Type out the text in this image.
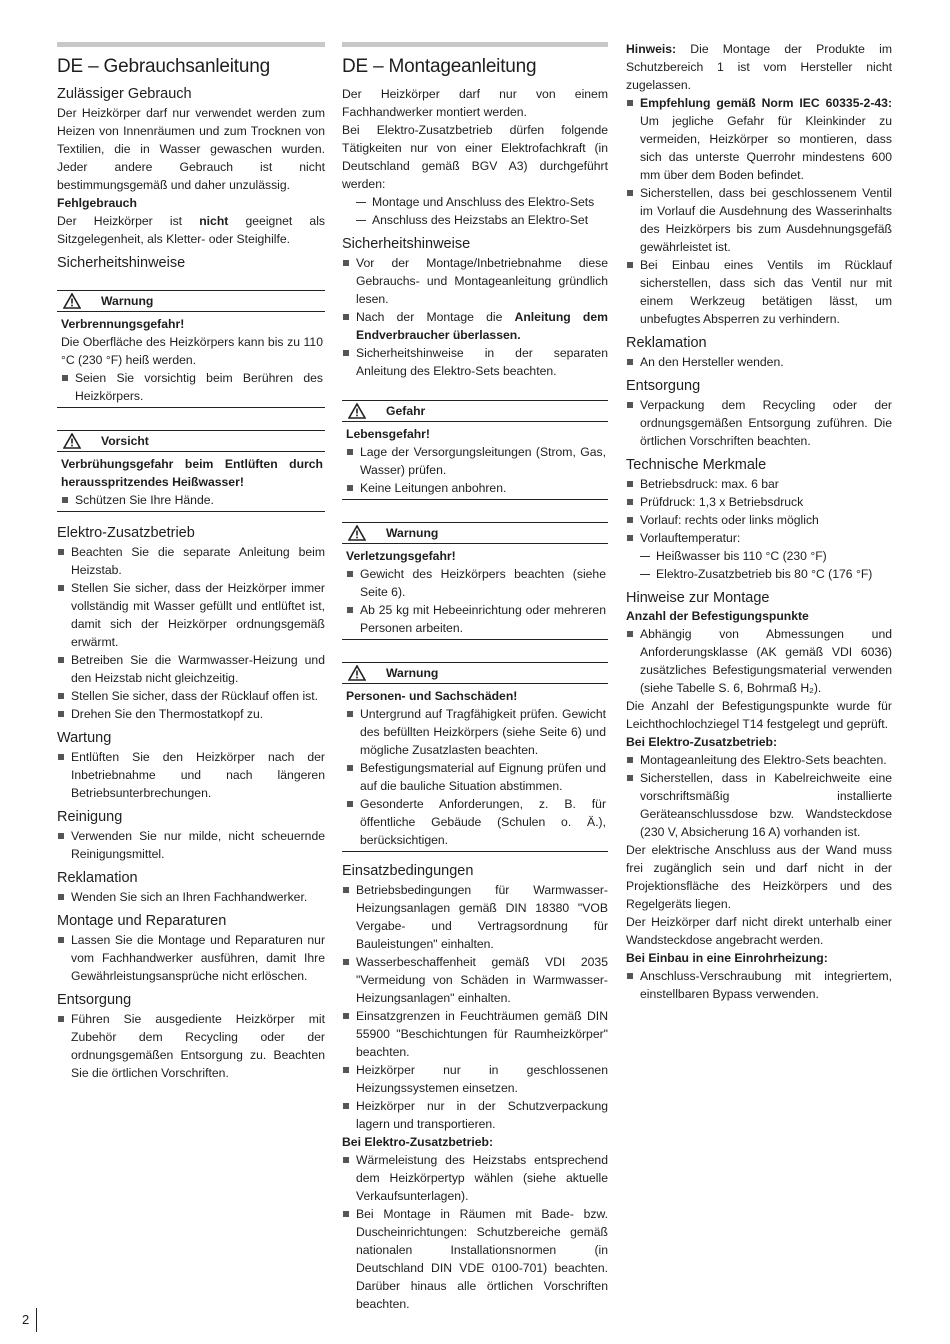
DE – Gebrauchsanleitung
Zulässiger Gebrauch

Der Heizkörper darf nur verwendet werden zum Heizen von Innenräumen und zum Trocknen von Textilien, die in Wasser gewaschen wurden. Jeder andere Gebrauch ist nicht bestimmungsgemäß und daher unzulässig.

Fehlgebrauch

Der Heizkörper ist nicht geeignet als Sitzgelegenheit, als Kletter- oder Steighilfe.

Sicherheitshinweise
Warnung
Verbrennungsgefahr!

Die Oberfläche des Heizkörpers kann bis zu 110 °C (230 °F) heiß werden.

Seien Sie vorsichtig beim Berühren des Heizkörpers.
Vorsicht
Verbrühungsgefahr beim Entlüften durch herausspritzendes Heißwasser!
Schützen Sie Ihre Hände.
Elektro-Zusatzbetrieb
Beachten Sie die separate Anleitung beim Heizstab.
Stellen Sie sicher, dass der Heizkörper immer vollständig mit Wasser gefüllt und entlüftet ist, damit sich der Heizkörper ordnungsgemäß erwärmt.
Betreiben Sie die Warmwasser-Heizung und den Heizstab nicht gleichzeitig.
Stellen Sie sicher, dass der Rücklauf offen ist.
Drehen Sie den Thermostatkopf zu.
Wartung
Entlüften Sie den Heizkörper nach der Inbetriebnahme und nach längeren Betriebsunterbrechungen.
Reinigung
Verwenden Sie nur milde, nicht scheuernde Reinigungsmittel.
Reklamation
Wenden Sie sich an Ihren Fachhandwerker.
Montage und Reparaturen
Lassen Sie die Montage und Reparaturen nur vom Fachhandwerker ausführen, damit Ihre Gewährleistungsansprüche nicht erlöschen.
Entsorgung
Führen Sie ausgediente Heizkörper mit Zubehör dem Recycling oder der ordnungsgemäßen Entsorgung zu. Beachten Sie die örtlichen Vorschriften.
DE – Montageanleitung

Der Heizkörper darf nur von einem Fachhandwerker montiert werden.

Bei Elektro-Zusatzbetrieb dürfen folgende Tätigkeiten nur von einer Elektrofachkraft (in Deutschland gemäß BGV A3) durchgeführt werden:

Montage und Anschluss des Elektro-Sets
Anschluss des Heizstabs an Elektro-Set
Sicherheitshinweise
Vor der Montage/Inbetriebnahme diese Gebrauchs- und Montageanleitung gründlich lesen.
Nach der Montage die Anleitung dem Endverbraucher überlassen.
Sicherheitshinweise in der separaten Anleitung des Elektro-Sets beachten.
Gefahr
Lebensgefahr!
Lage der Versorgungsleitungen (Strom, Gas, Wasser) prüfen.
Keine Leitungen anbohren.
Warnung
Verletzungsgefahr!
Gewicht des Heizkörpers beachten (siehe Seite 6).
Ab 25 kg mit Hebeeinrichtung oder mehreren Personen arbeiten.
Warnung
Personen- und Sachschäden!
Untergrund auf Tragfähigkeit prüfen. Gewicht des befüllten Heizkörpers (siehe Seite 6) und mögliche Zusatzlasten beachten.
Befestigungsmaterial auf Eignung prüfen und auf die bauliche Situation abstimmen.
Gesonderte Anforderungen, z. B. für öffentliche Gebäude (Schulen o. Ä.), berücksichtigen.
Einsatzbedingungen
Betriebsbedingungen für Warmwasser-Heizungsanlagen gemäß DIN 18380 "VOB Vergabe- und Vertragsordnung für Bauleistungen" einhalten.
Wasserbeschaffenheit gemäß VDI 2035 "Vermeidung von Schäden in Warmwasser-Heizungsanlagen" einhalten.
Einsatzgrenzen in Feuchträumen gemäß DIN 55900 "Beschichtungen für Raumheizkörper" beachten.
Heizkörper nur in geschlossenen Heizungssystemen einsetzen.
Heizkörper nur in der Schutzverpackung lagern und transportieren.
Bei Elektro-Zusatzbetrieb:
Wärmeleistung des Heizstabs entsprechend dem Heizkörpertyp wählen (siehe aktuelle Verkaufsunterlagen).
Bei Montage in Räumen mit Bade- bzw. Duscheinrichtungen: Schutzbereiche gemäß nationalen Installationsnormen (in Deutschland DIN VDE 0100-701) beachten. Darüber hinaus alle örtlichen Vorschriften beachten.

Hinweis: Die Montage der Produkte im Schutzbereich 1 ist vom Hersteller nicht zugelassen.

Empfehlung gemäß Norm IEC 60335-2-43: Um jegliche Gefahr für Kleinkinder zu vermeiden, Heizkörper so montieren, dass sich das unterste Querrohr mindestens 600 mm über dem Boden befindet.
Sicherstellen, dass bei geschlossenem Ventil im Vorlauf die Ausdehnung des Wasserinhalts des Heizkörpers bis zum Ausdehnungsgefäß gewährleistet ist.
Bei Einbau eines Ventils im Rücklauf sicherstellen, dass sich das Ventil nur mit einem Werkzeug betätigen lässt, um unbefugtes Absperren zu verhindern.
Reklamation
An den Hersteller wenden.
Entsorgung
Verpackung dem Recycling oder der ordnungsgemäßen Entsorgung zuführen. Die örtlichen Vorschriften beachten.
Technische Merkmale
Betriebsdruck: max. 6 bar
Prüfdruck: 1,3 x Betriebsdruck
Vorlauf: rechts oder links möglich
Vorlauftemperatur:
Heißwasser bis 110 °C (230 °F)
Elektro-Zusatzbetrieb bis 80 °C (176 °F)
Hinweise zur Montage
Anzahl der Befestigungspunkte
Abhängig von Abmessungen und Anforderungsklasse (AK gemäß VDI 6036) zusätzliches Befestigungsmaterial verwenden (siehe Tabelle S. 6, Bohrmaß H₂).

Die Anzahl der Befestigungspunkte wurde für Leichthochlochziegel T14 festgelegt und geprüft.

Bei Elektro-Zusatzbetrieb:
Montageanleitung des Elektro-Sets beachten.
Sicherstellen, dass in Kabelreichweite eine vorschriftsmäßig installierte Geräteanschlussdose bzw. Wandsteckdose (230 V, Absicherung 16 A) vorhanden ist.

Der elektrische Anschluss aus der Wand muss frei zugänglich sein und darf nicht in der Projektionsfläche des Heizkörpers und des Regelgeräts liegen.

Der Heizkörper darf nicht direkt unterhalb einer Wandsteckdose angebracht werden.

Bei Einbau in eine Einrohrheizung:
Anschluss-Verschraubung mit integriertem, einstellbaren Bypass verwenden.
2
